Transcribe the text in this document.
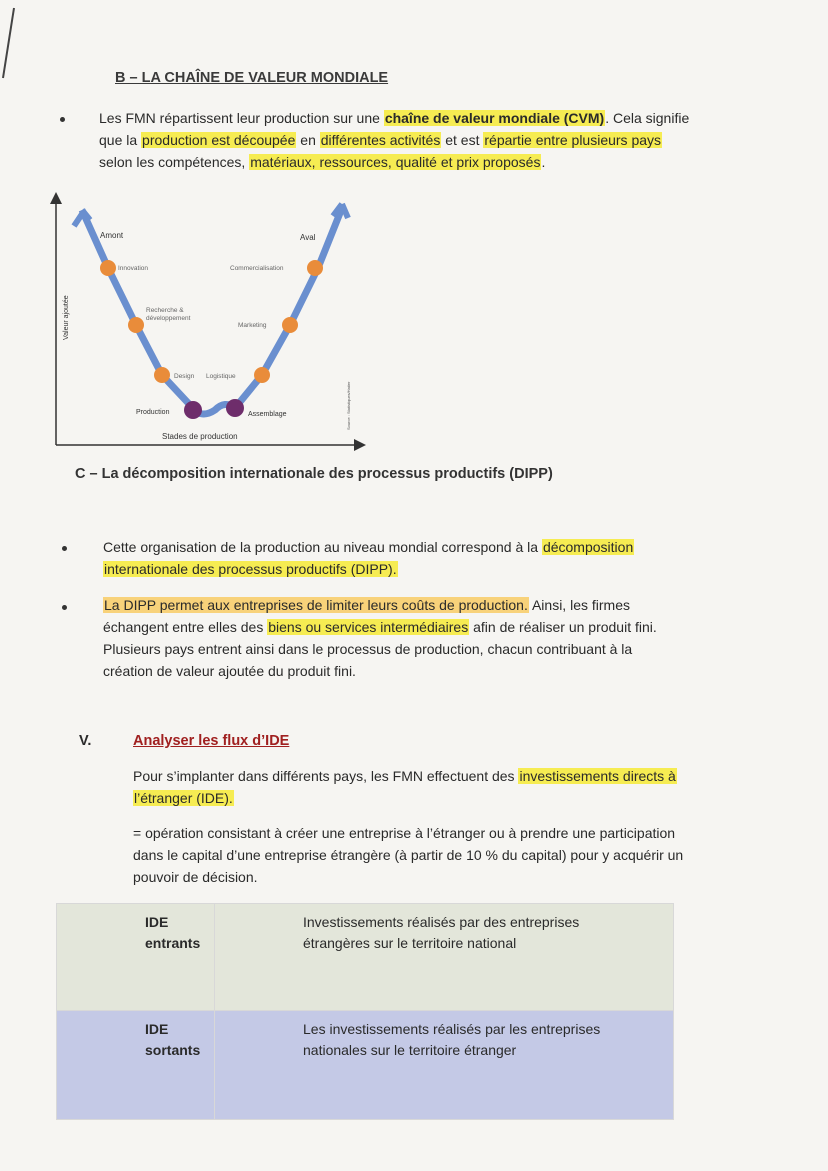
B – LA CHAÎNE DE VALEUR MONDIALE
Les FMN répartissent leur production sur une chaîne de valeur mondiale (CVM). Cela signifie
que la production est découpée en différentes activités et est répartie entre plusieurs pays
selon les compétences, matériaux, ressources, qualité et prix proposés.
Valeur ajoutée
Stades de production
Amont	Aval
Innovation
Recherche &
développement
Design Logistique
Production	Assemblage
Marketing
Commercialisation
Source : Statistiques/Hatier
C – La décomposition internationale des processus productifs (DIPP)
Cette organisation de la production au niveau mondial correspond à la décomposition
internationale des processus productifs (DIPP).
La DIPP permet aux entreprises de limiter leurs coûts de production. Ainsi, les firmes
échangent entre elles des biens ou services intermédiaires afin de réaliser un produit fini.
Plusieurs pays entrent ainsi dans le processus de production, chacun contribuant à la
création de valeur ajoutée du produit fini.
V.	Analyser les flux d’IDE
Pour s’implanter dans différents pays, les FMN effectuent des investissements directs à
l’étranger (IDE).
= opération consistant à créer une entreprise à l’étranger ou à prendre une participation
dans le capital d’une entreprise étrangère (à partir de 10 % du capital) pour y acquérir un
pouvoir de décision.
IDE
entrants	Investissements réalisés par des entreprises
étrangères sur le territoire national
IDE
sortants	Les investissements réalisés par les entreprises
nationales sur le territoire étranger
